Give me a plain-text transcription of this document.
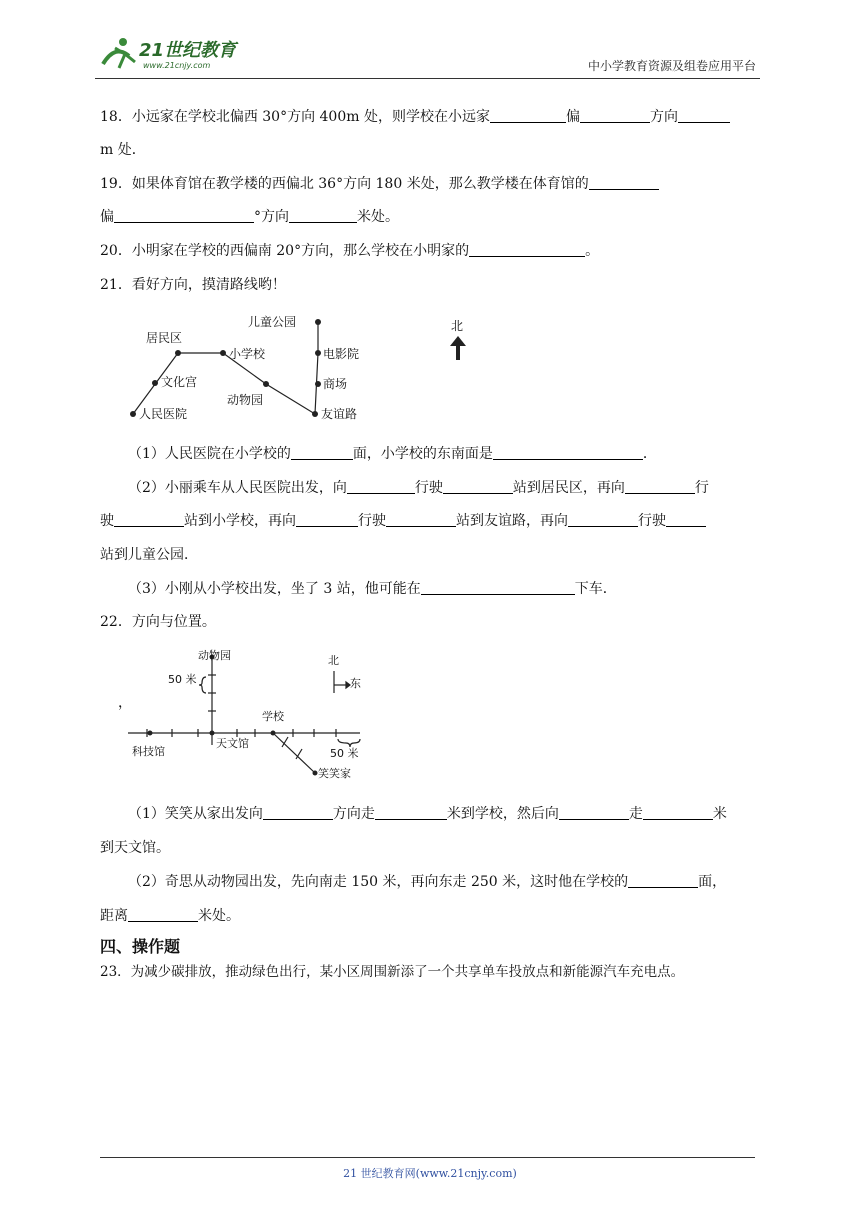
21世纪教育
www.21cnjy.com	中小学教育资源及组卷应用平台
18．小远家在学校北偏西 30°方向 400m 处，则学校在小远家	偏	方向
m 处．
19．如果体育馆在教学楼的西偏北 36°方向 180 米处，那么教学楼在体育馆的
偏	°方向	米处。
20．小明家在学校的西偏南 20°方向，那么学校在小明家的	。
21．看好方向，摸清路线哟！
居民区
小学校
儿童公园
电影院
商场
友谊路
文化宫
动物园
人民医院
北
（1）人民医院在小学校的	面，小学校的东南面是	．
（2）小丽乘车从人民医院出发，向	行驶	站到居民区，再向	行
驶	站到小学校，再向	行驶	站到友谊路，再向	行驶
站到儿童公园．
（3）小刚从小学校出发，坐了 3 站，他可能在	下车．
22．方向与位置。
动物园
50 米
北
东
学校
科技馆
天文馆
50 米
笑笑家
，
（1）笑笑从家出发向	方向走	米到学校，然后向	走	米
到天文馆。
（2）奇思从动物园出发，先向南走 150 米，再向东走 250 米，这时他在学校的	面，
距离	米处。
四、操作题
23．为减少碳排放，推动绿色出行，某小区周围新添了一个共享单车投放点和新能源汽车充电点。
21 世纪教育网(www.21cnjy.com)
